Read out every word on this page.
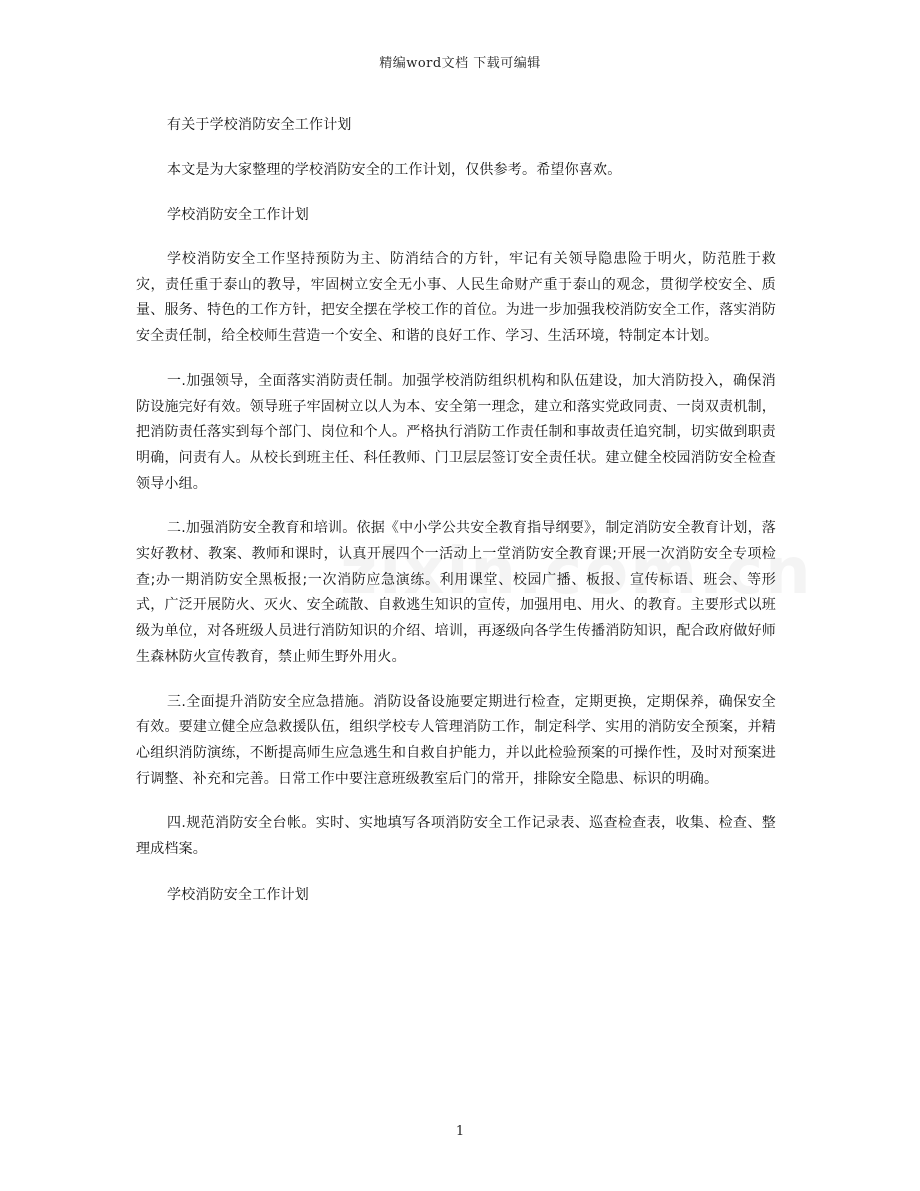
精编word文档 下载可编辑

有关于学校消防安全工作计划

本文是为大家整理的学校消防安全的工作计划，仅供参考。希望你喜欢。

学校消防安全工作计划

学校消防安全工作坚持预防为主、防消结合的方针，牢记有关领导隐患险于明火，防范胜于救灾，责任重于泰山的教导，牢固树立安全无小事、人民生命财产重于泰山的观念，贯彻学校安全、质量、服务、特色的工作方针，把安全摆在学校工作的首位。为进一步加强我校消防安全工作，落实消防安全责任制，给全校师生营造一个安全、和谐的良好工作、学习、生活环境，特制定本计划。

一.加强领导，全面落实消防责任制。加强学校消防组织机构和队伍建设，加大消防投入，确保消防设施完好有效。领导班子牢固树立以人为本、安全第一理念，建立和落实党政同责、一岗双责机制，把消防责任落实到每个部门、岗位和个人。严格执行消防工作责任制和事故责任追究制，切实做到职责明确，问责有人。从校长到班主任、科任教师、门卫层层签订安全责任状。建立健全校园消防安全检查领导小组。

二.加强消防安全教育和培训。依据《中小学公共安全教育指导纲要》，制定消防安全教育计划，落实好教材、教案、教师和课时，认真开展四个一活动上一堂消防安全教育课;开展一次消防安全专项检查;办一期消防安全黑板报;一次消防应急演练。利用课堂、校园广播、板报、宣传标语、班会、等形式，广泛开展防火、灭火、安全疏散、自救逃生知识的宣传，加强用电、用火、的教育。主要形式以班级为单位，对各班级人员进行消防知识的介绍、培训，再逐级向各学生传播消防知识，配合政府做好师生森林防火宣传教育，禁止师生野外用火。

三.全面提升消防安全应急措施。消防设备设施要定期进行检查，定期更换，定期保养，确保安全有效。要建立健全应急救援队伍，组织学校专人管理消防工作，制定科学、实用的消防安全预案，并精心组织消防演练，不断提高师生应急逃生和自救自护能力，并以此检验预案的可操作性，及时对预案进行调整、补充和完善。日常工作中要注意班级教室后门的常开，排除安全隐患、标识的明确。

四.规范消防安全台帐。实时、实地填写各项消防安全工作记录表、巡查检查表，收集、检查、整理成档案。

学校消防安全工作计划

1
